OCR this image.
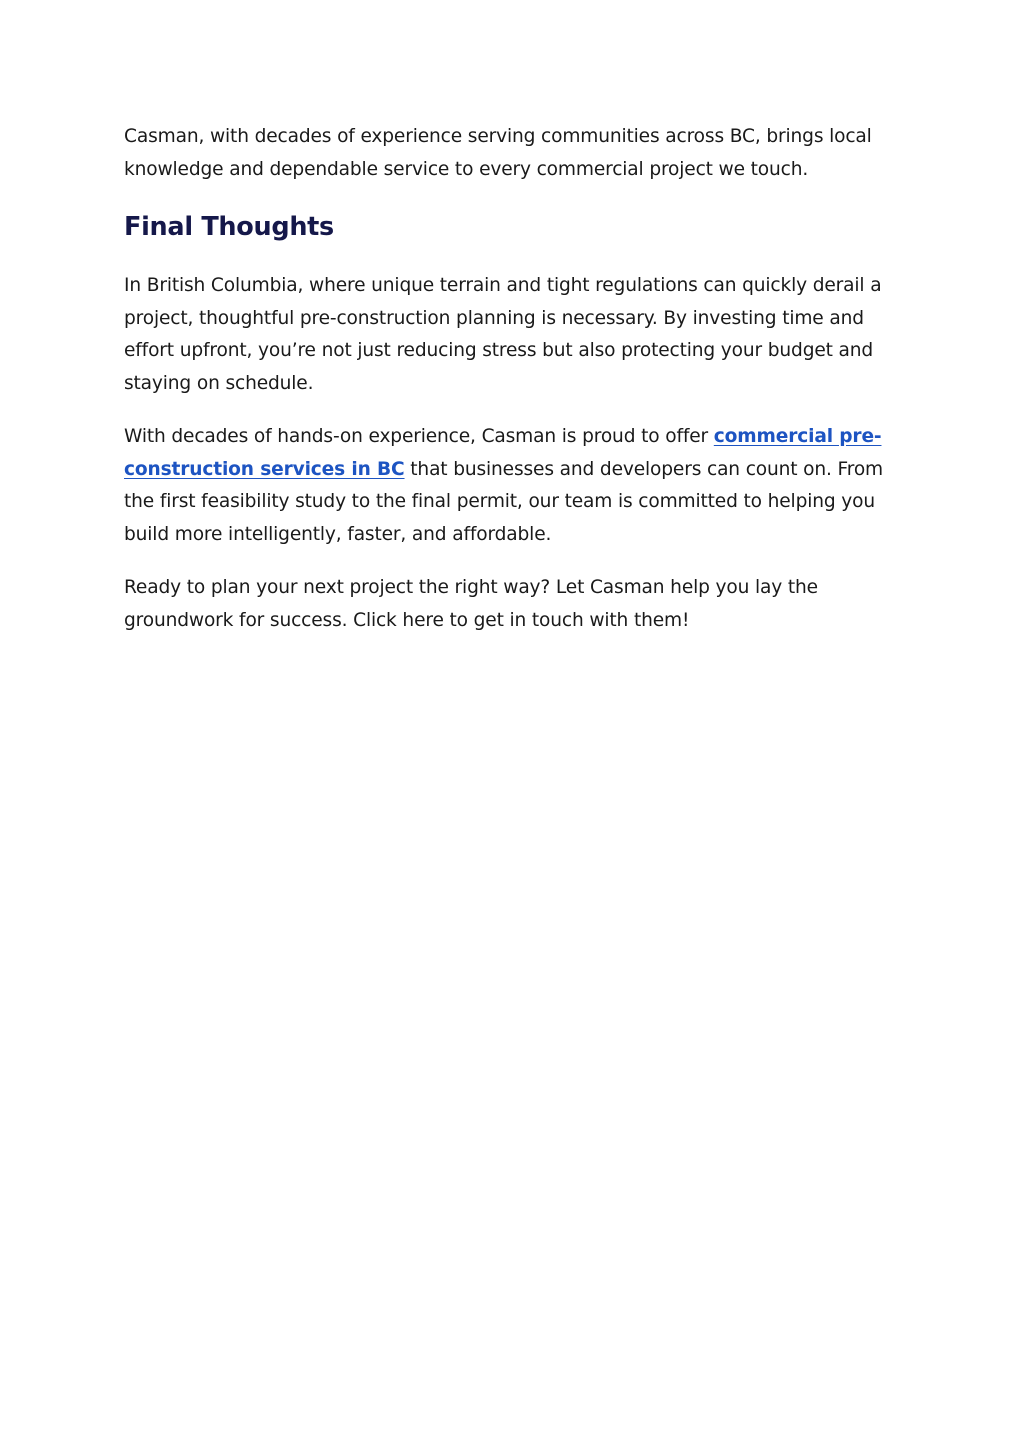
Casman, with decades of experience serving communities across BC, brings local knowledge and dependable service to every commercial project we touch.

Final Thoughts

In British Columbia, where unique terrain and tight regulations can quickly derail a project, thoughtful pre-construction planning is necessary. By investing time and effort upfront, you’re not just reducing stress but also protecting your budget and staying on schedule.

With decades of hands-on experience, Casman is proud to offer commercial pre-construction services in BC that businesses and developers can count on. From the first feasibility study to the final permit, our team is committed to helping you build more intelligently, faster, and affordable.

Ready to plan your next project the right way? Let Casman help you lay the groundwork for success. Click here to get in touch with them!
